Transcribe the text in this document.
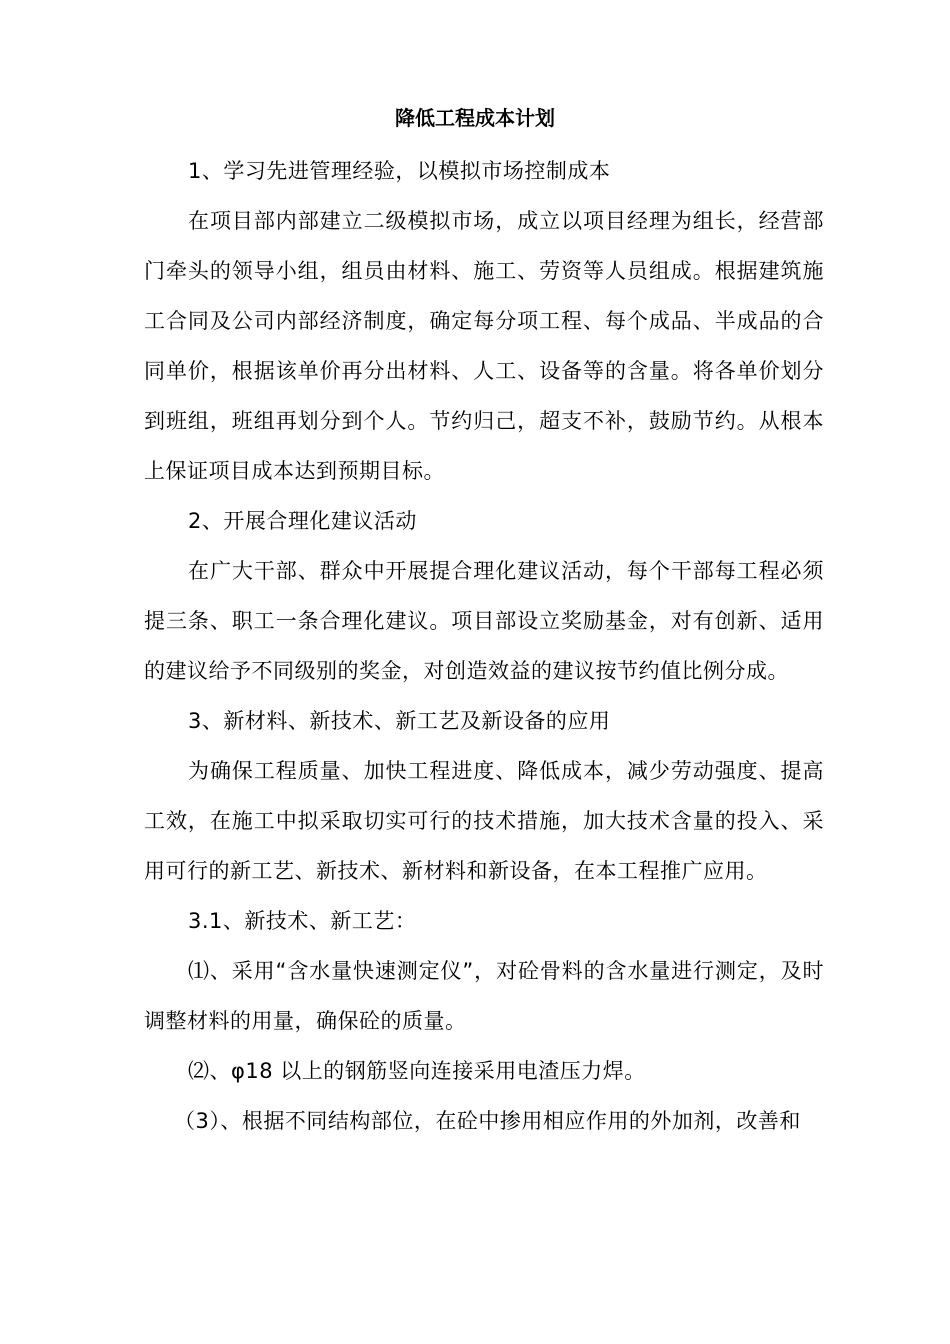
降低工程成本计划

1、学习先进管理经验，以模拟市场控制成本

在项目部内部建立二级模拟市场，成立以项目经理为组长，经营部门牵头的领导小组，组员由材料、施工、劳资等人员组成。根据建筑施工合同及公司内部经济制度，确定每分项工程、每个成品、半成品的合同单价，根据该单价再分出材料、人工、设备等的含量。将各单价划分到班组，班组再划分到个人。节约归己，超支不补，鼓励节约。从根本上保证项目成本达到预期目标。

2、开展合理化建议活动

在广大干部、群众中开展提合理化建议活动，每个干部每工程必须提三条、职工一条合理化建议。项目部设立奖励基金，对有创新、适用的建议给予不同级别的奖金，对创造效益的建议按节约值比例分成。

3、新材料、新技术、新工艺及新设备的应用

为确保工程质量、加快工程进度、降低成本，减少劳动强度、提高工效，在施工中拟采取切实可行的技术措施，加大技术含量的投入、采用可行的新工艺、新技术、新材料和新设备，在本工程推广应用。

3.1、新技术、新工艺：

⑴、采用“含水量快速测定仪”，对砼骨料的含水量进行测定，及时调整材料的用量，确保砼的质量。

⑵、φ18 以上的钢筋竖向连接采用电渣压力焊。

（3）、根据不同结构部位，在砼中掺用相应作用的外加剂，改善和
